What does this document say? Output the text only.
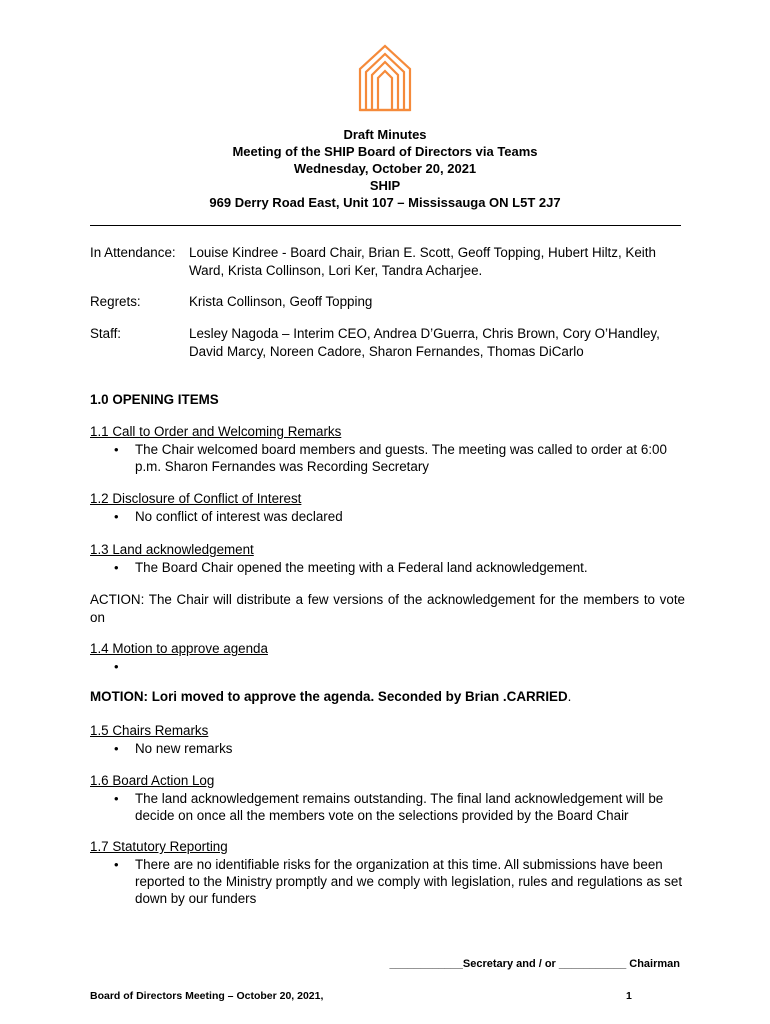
Draft Minutes
Meeting of the SHIP Board of Directors via Teams
Wednesday, October 20, 2021
SHIP
969 Derry Road East, Unit 107 – Mississauga ON L5T 2J7
In Attendance: Louise Kindree - Board Chair, Brian E. Scott, Geoff Topping, Hubert Hiltz, Keith Ward, Krista Collinson, Lori Ker, Tandra Acharjee.
Regrets:	Krista Collinson, Geoff Topping
Staff:	Lesley Nagoda – Interim CEO, Andrea D’Guerra, Chris Brown, Cory O’Handley, David Marcy, Noreen Cadore, Sharon Fernandes, Thomas DiCarlo
1.0 OPENING ITEMS
1.1 Call to Order and Welcoming Remarks
• The Chair welcomed board members and guests. The meeting was called to order at 6:00 p.m. Sharon Fernandes was Recording Secretary
1.2 Disclosure of Conflict of Interest
• No conflict of interest was declared
1.3 Land acknowledgement
• The Board Chair opened the meeting with a Federal land acknowledgement.
ACTION: The Chair will distribute a few versions of the acknowledgement for the members to vote on
1.4 Motion to approve agenda
•
MOTION: Lori moved to approve the agenda. Seconded by Brian .CARRIED.
1.5 Chairs Remarks
• No new remarks
1.6 Board Action Log
• The land acknowledgement remains outstanding. The final land acknowledgement will be decide on once all the members vote on the selections provided by the Board Chair
1.7 Statutory Reporting
• There are no identifiable risks for the organization at this time. All submissions have been reported to the Ministry promptly and we comply with legislation, rules and regulations as set down by our funders
____________Secretary and / or ___________ Chairman
Board of Directors Meeting – October 20, 2021,	1
